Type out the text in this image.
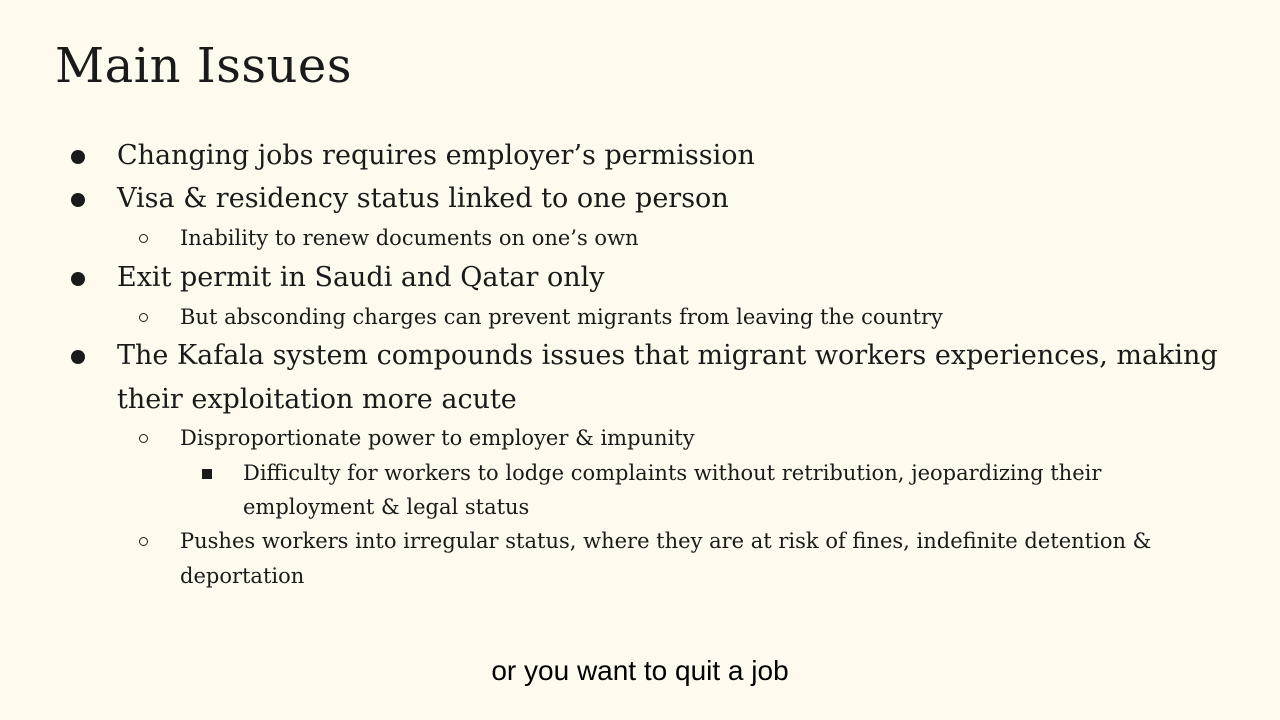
Main Issues
Changing jobs requires employer’s permission
Visa & residency status linked to one person
Inability to renew documents on one’s own
Exit permit in Saudi and Qatar only
But absconding charges can prevent migrants from leaving the country
The Kafala system compounds issues that migrant workers experiences, making
their exploitation more acute
Disproportionate power to employer & impunity
Difficulty for workers to lodge complaints without retribution, jeopardizing their
employment & legal status
Pushes workers into irregular status, where they are at risk of fines, indefinite detention &
deportation
or you want to quit a job
